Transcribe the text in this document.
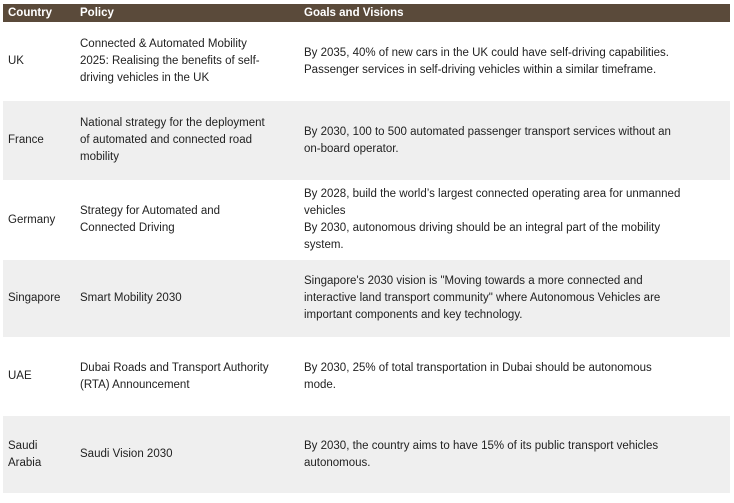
Country	Policy	Goals and Visions

UK	Connected & Automated Mobility
2025: Realising the benefits of self-
driving vehicles in the UK	By 2035, 40% of new cars in the UK could have self-driving capabilities.
Passenger services in self-driving vehicles within a similar timeframe.

France	National strategy for the deployment
of automated and connected road
mobility	By 2030, 100 to 500 automated passenger transport services without an
on-board operator.

Germany	Strategy for Automated and
Connected Driving	By 2028, build the world’s largest connected operating area for unmanned
vehicles
By 2030, autonomous driving should be an integral part of the mobility
system.

Singapore	Smart Mobility 2030	Singapore's 2030 vision is "Moving towards a more connected and
interactive land transport community" where Autonomous Vehicles are
important components and key technology.

UAE	Dubai Roads and Transport Authority
(RTA) Announcement	By 2030, 25% of total transportation in Dubai should be autonomous
mode.

Saudi
Arabia	Saudi Vision 2030	By 2030, the country aims to have 15% of its public transport vehicles
autonomous.
